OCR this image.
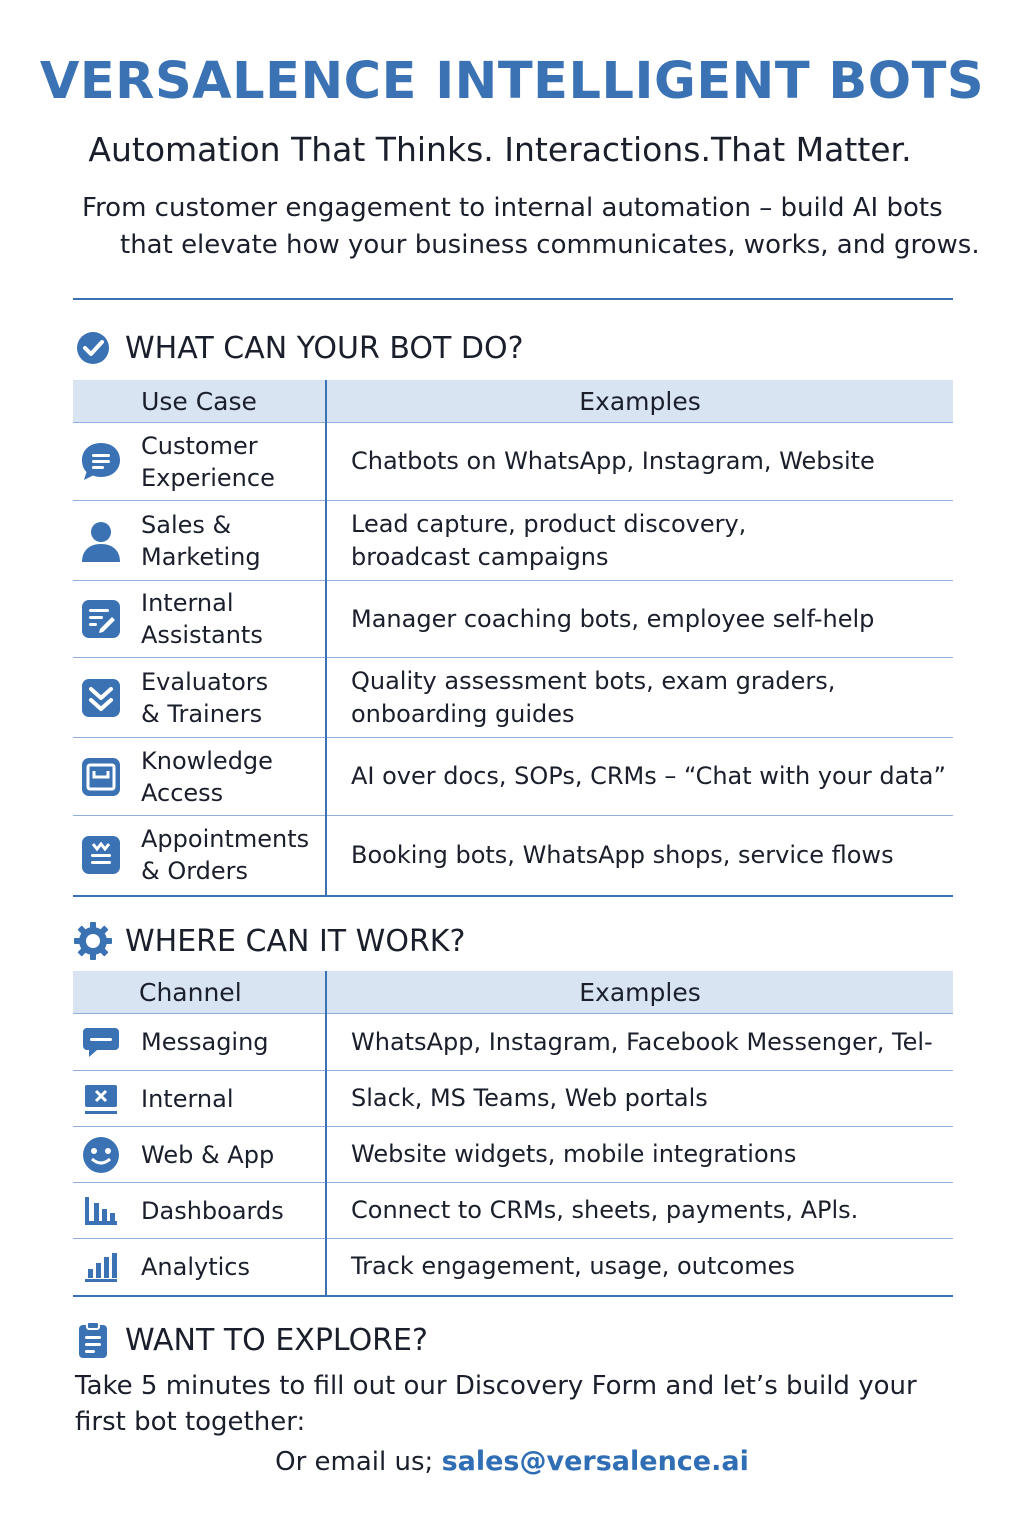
VERSALENCE INTELLIGENT BOTS

Automation That Thinks. Interactions.That Matter.

From customer engagement to internal automation – build AI bots

that elevate how your business communicates, works, and grows.

WHAT CAN YOUR BOT DO?
Use Case	Examples

Customer
Experience	Chatbots on WhatsApp, Instagram, Website

Sales &
Marketing	Lead capture, product discovery,
broadcast campaigns

Internal
Assistants	Manager coaching bots, employee self-help

Evaluators
& Trainers	Quality assessment bots, exam graders,
onboarding guides

Knowledge
Access	AI over docs, SOPs, CRMs – “Chat with your data”

Appointments
& Orders	Booking bots, WhatsApp shops, service flows
WHERE CAN IT WORK?
Channel	Examples

Messaging	WhatsApp, Instagram, Facebook Messenger, Tel-

Internal	Slack, MS Teams, Web portals

Web & App	Website widgets, mobile integrations

Dashboards	Connect to CRMs, sheets, payments, APls.

Analytics	Track engagement, usage, outcomes
WANT TO EXPLORE?

Take 5 minutes to fill out our Discovery Form and let’s build your first bot together:

Or email us; sales@versalence.ai
